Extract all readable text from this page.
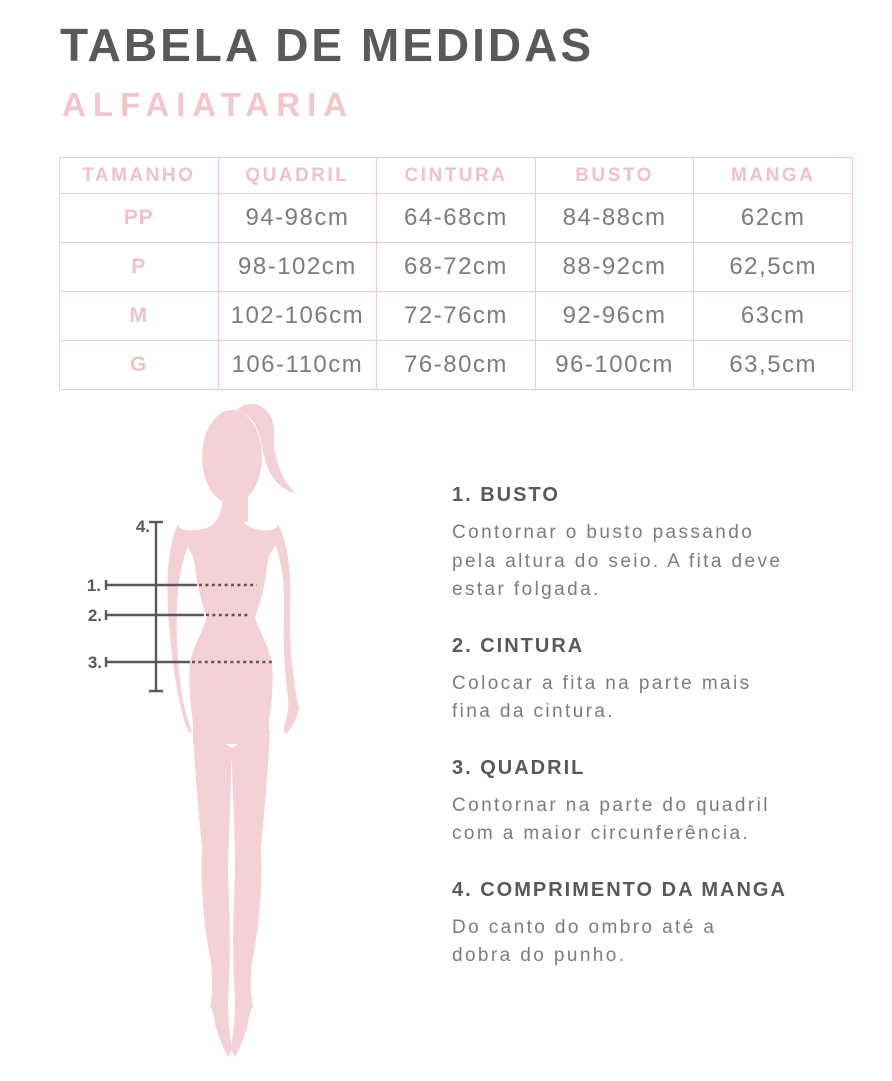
TABELA DE MEDIDAS
ALFAIATARIA
TAMANHO	QUADRIL	CINTURA	BUSTO	MANGA
PP	94-98cm	64-68cm	84-88cm	62cm
P	98-102cm	68-72cm	88-92cm	62,5cm
M	102-106cm	72-76cm	92-96cm	63cm
G	106-110cm	76-80cm	96-100cm	63,5cm
4.
1.
2.
3.
1. BUSTO
Contornar o busto passando
pela altura do seio. A fita deve
estar folgada.
2. CINTURA
Colocar a fita na parte mais
fina da cintura.
3. QUADRIL
Contornar na parte do quadril
com a maior circunferência.
4. COMPRIMENTO DA MANGA
Do canto do ombro até a
dobra do punho.
